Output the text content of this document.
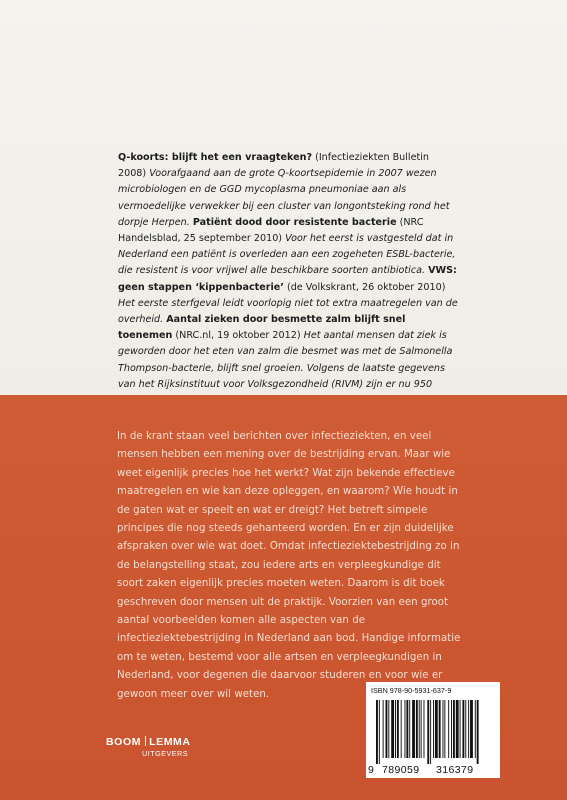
Q-koorts: blijft het een vraagteken? (Infectieziekten Bulletin 2008) Voorafgaand aan de grote Q-koortsepidemie in 2007 wezen microbiologen en de GGD mycoplasma pneumoniae aan als vermoedelijke verwekker bij een cluster van longontsteking rond het dorpje Herpen. Patiënt dood door resistente bacterie (NRC Handelsblad, 25 september 2010) Voor het eerst is vastgesteld dat in Nederland een patiënt is overleden aan een zogeheten ESBL-bacterie, die resistent is voor vrijwel alle beschikbare soorten antibiotica. VWS: geen stappen ‘kippenbacterie’ (de Volkskrant, 26 oktober 2010) Het eerste sterfgeval leidt voorlopig niet tot extra maatregelen van de overheid. Aantal zieken door besmette zalm blijft snel toenemen (NRC.nl, 19 oktober 2012) Het aantal mensen dat ziek is geworden door het eten van zalm die besmet was met de Salmonella Thompson-bacterie, blijft snel groeien. Volgens de laatste gegevens van het Rijksinstituut voor Volksgezondheid (RIVM) zijn er nu 950

In de krant staan veel berichten over infectieziekten, en veel mensen hebben een mening over de bestrijding ervan. Maar wie weet eigenlijk precies hoe het werkt? Wat zijn bekende effectieve maatregelen en wie kan deze opleggen, en waarom? Wie houdt in de gaten wat er speelt en wat er dreigt? Het betreft simpele principes die nog steeds gehanteerd worden. En er zijn duidelijke afspraken over wie wat doet. Omdat infectieziektebestrijding zo in de belangstelling staat, zou iedere arts en verpleegkundige dit soort zaken eigenlijk precies moeten weten. Daarom is dit boek geschreven door mensen uit de praktijk. Voorzien van een groot aantal voorbeelden komen alle aspecten van de infectieziektebestrijding in Nederland aan bod. Handige informatie om te weten, bestemd voor alle artsen en verpleegkundigen in Nederland, voor degenen die daarvoor studeren en voor wie er gewoon meer over wil weten.	ISBN 978-90-5931-637-9
9 789059 316379
BOOM LEMMA
UITGEVERS
